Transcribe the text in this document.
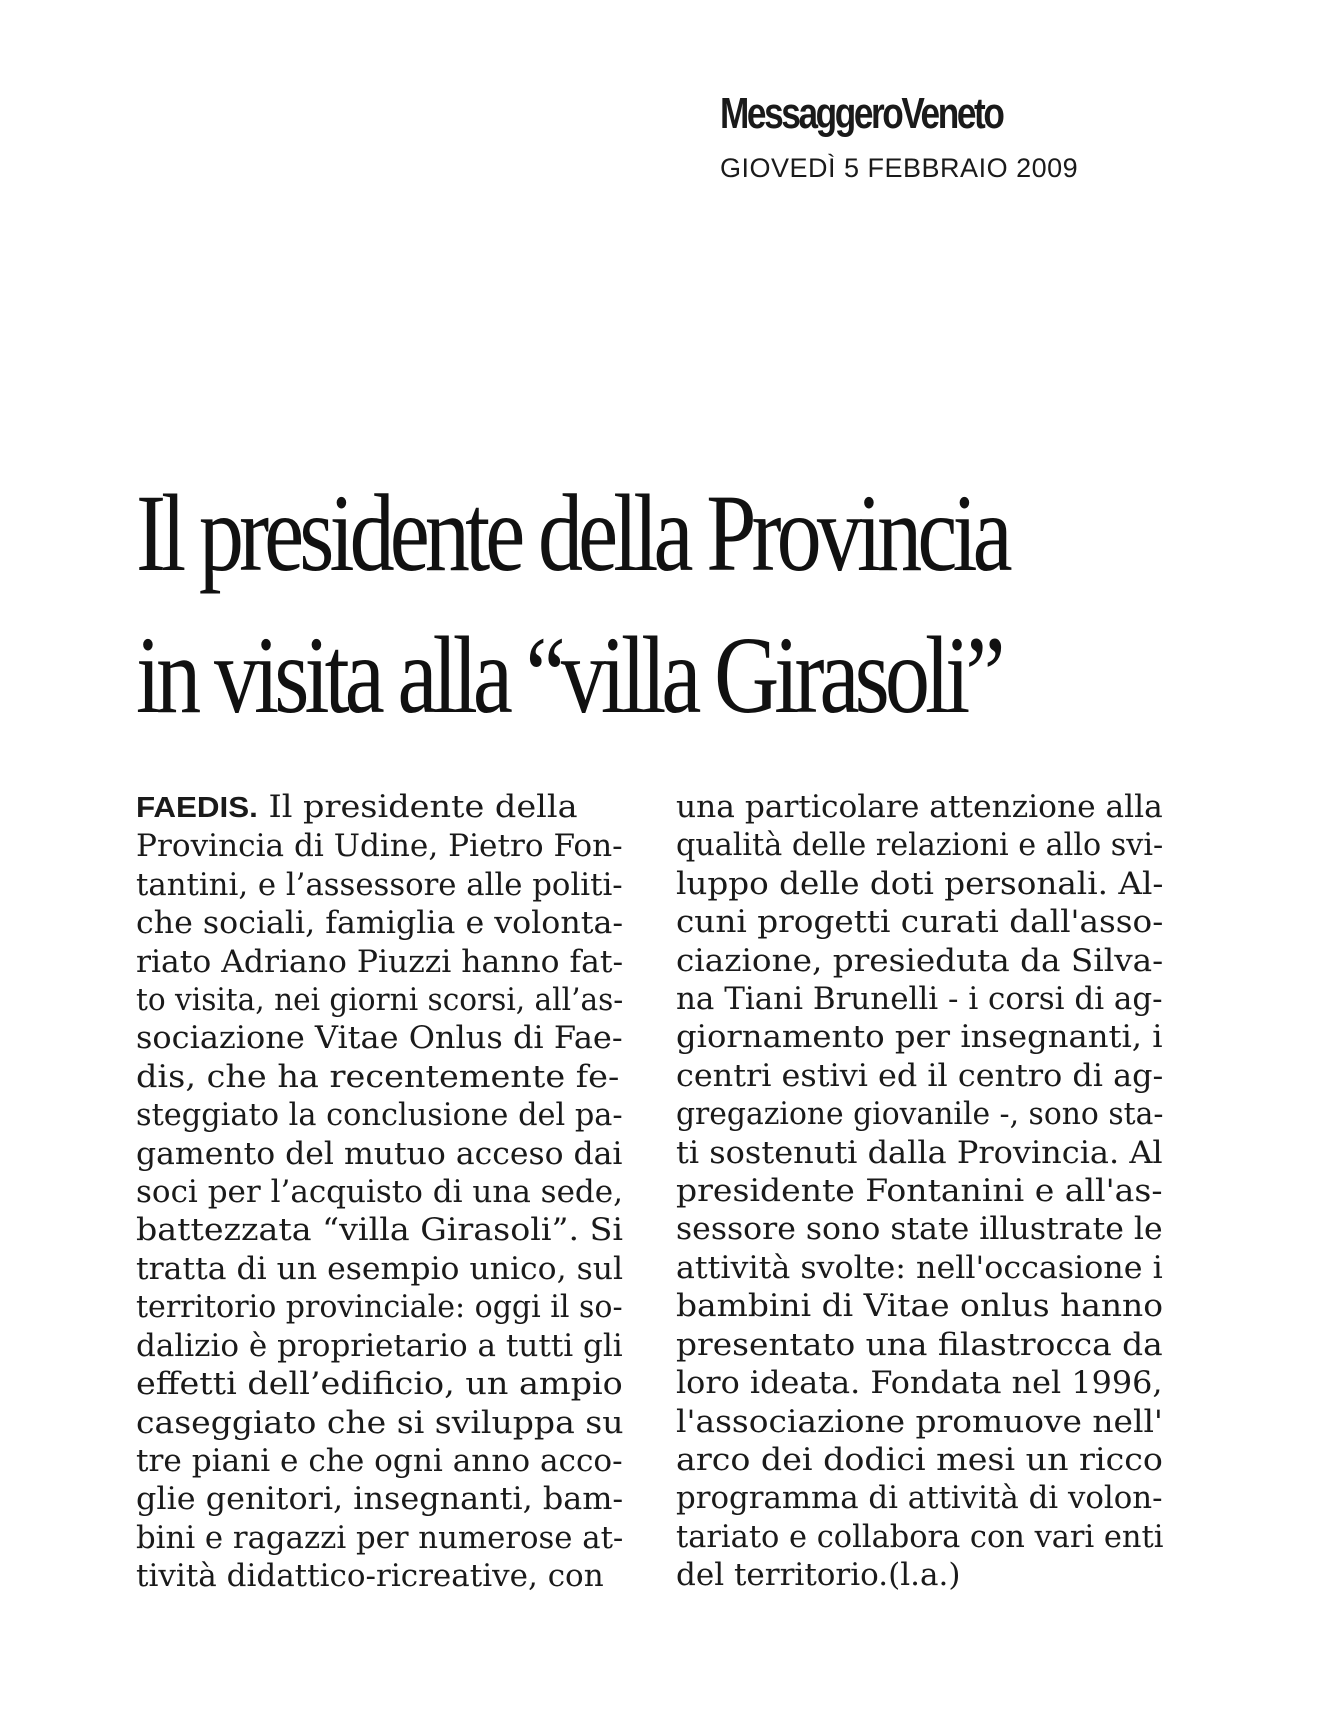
MessaggeroVeneto
GIOVEDÌ 5 FEBBRAIO 2009
Il presidente della Provincia
in visita alla “villa Girasoli”
FAEDIS. Il presidente della
Provincia di Udine, Pietro Fon-
tantini, e l’assessore alle politi-
che sociali, famiglia e volonta-
riato Adriano Piuzzi hanno fat-
to visita, nei giorni scorsi, all’as-
sociazione Vitae Onlus di Fae-
dis, che ha recentemente fe-
steggiato la conclusione del pa-
gamento del mutuo acceso dai
soci per l’acquisto di una sede,
battezzata “villa Girasoli”. Si
tratta di un esempio unico, sul
territorio provinciale: oggi il so-
dalizio è proprietario a tutti gli
effetti dell’edificio, un ampio
caseggiato che si sviluppa su
tre piani e che ogni anno acco-
glie genitori, insegnanti, bam-
bini e ragazzi per numerose at-
tività didattico-ricreative, con
una particolare attenzione alla
qualità delle relazioni e allo svi-
luppo delle doti personali. Al-
cuni progetti curati dall'asso-
ciazione, presieduta da Silva-
na Tiani Brunelli - i corsi di ag-
giornamento per insegnanti, i
centri estivi ed il centro di ag-
gregazione giovanile -, sono sta-
ti sostenuti dalla Provincia. Al
presidente Fontanini e all'as-
sessore sono state illustrate le
attività svolte: nell'occasione i
bambini di Vitae onlus hanno
presentato una filastrocca da
loro ideata. Fondata nel 1996,
l'associazione promuove nell'
arco dei dodici mesi un ricco
programma di attività di volon-
tariato e collabora con vari enti
del territorio.(l.a.)
